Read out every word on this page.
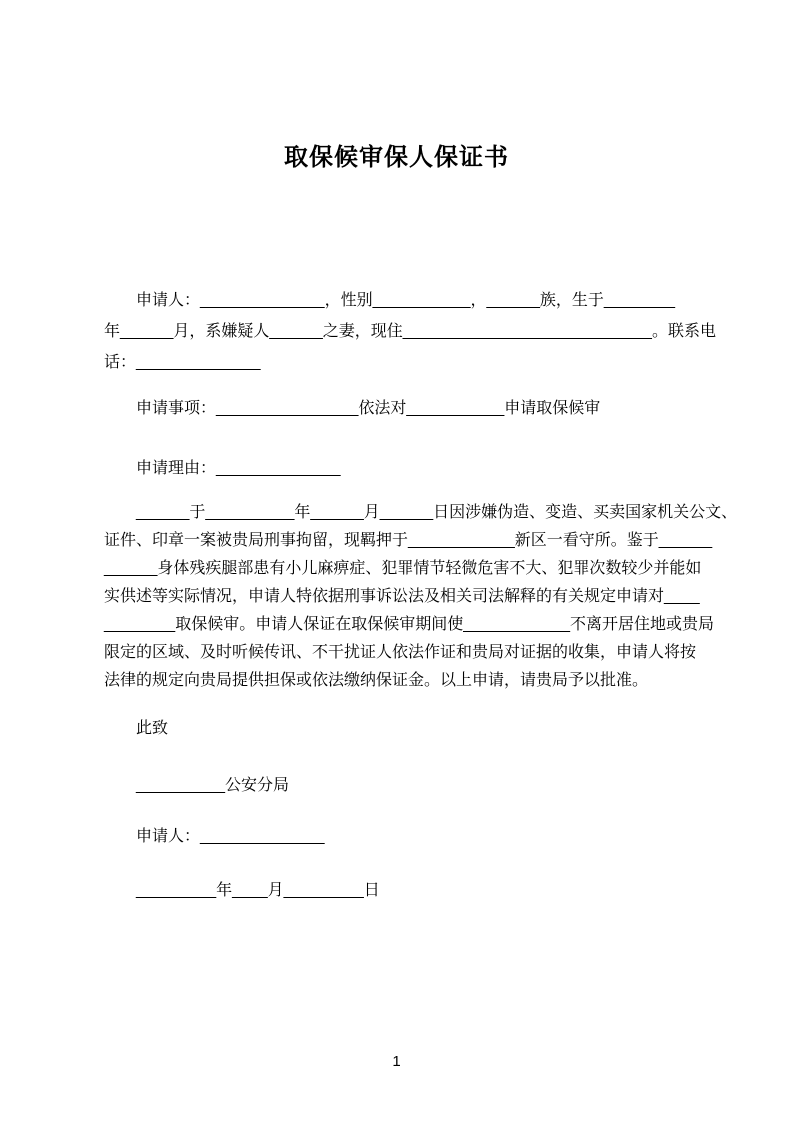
取保候审保人保证书
申请人：______________，性别___________，______族，生于________
年______月，系嫌疑人______之妻，现住____________________________。联系电
话：______________
申请事项：________________依法对___________申请取保候审
申请理由：______________
______于__________年______月______日因涉嫌伪造、变造、买卖国家机关公文、
证件、印章一案被贵局刑事拘留，现羁押于____________新区一看守所。鉴于______
______身体残疾腿部患有小儿麻痹症、犯罪情节轻微危害不大、犯罪次数较少并能如
实供述等实际情况，申请人特依据刑事诉讼法及相关司法解释的有关规定申请对____
________取保候审。申请人保证在取保候审期间使____________不离开居住地或贵局
限定的区域、及时听候传讯、不干扰证人依法作证和贵局对证据的收集，申请人将按
法律的规定向贵局提供担保或依法缴纳保证金。以上申请，请贵局予以批准。
此致
__________公安分局
申请人：______________
_________年____月_________日
1
